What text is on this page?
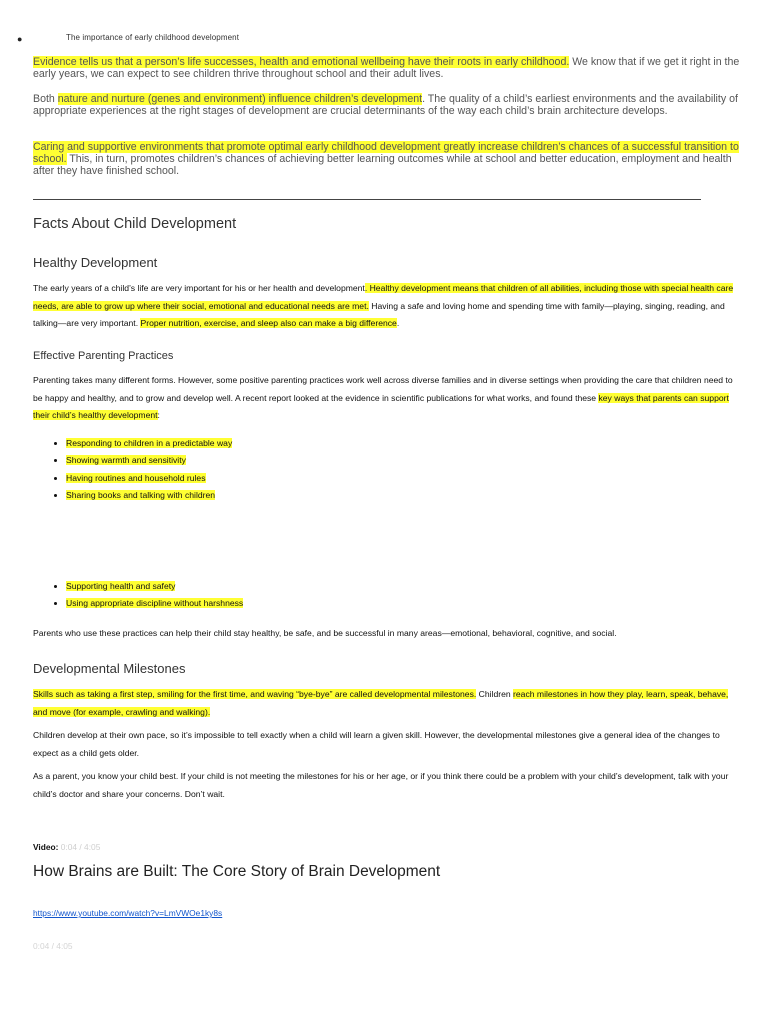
●	The importance of early childhood development
Evidence tells us that a person’s life successes, health and emotional wellbeing have their roots in early childhood. We know that if we get it right in the early years, we can expect to see children thrive throughout school and their adult lives.
Both nature and nurture (genes and environment) influence children’s development. The quality of a child’s earliest environments and the availability of appropriate experiences at the right stages of development are crucial determinants of the way each child’s brain architecture develops.
Caring and supportive environments that promote optimal early childhood development greatly increase children’s chances of a successful transition to school. This, in turn, promotes children’s chances of achieving better learning outcomes while at school and better education, employment and health after they have finished school.
Facts About Child Development
Healthy Development
The early years of a child’s life are very important for his or her health and development. Healthy development means that children of all abilities, including those with special health care needs, are able to grow up where their social, emotional and educational needs are met. Having a safe and loving home and spending time with family—playing, singing, reading, and talking—are very important. Proper nutrition, exercise, and sleep also can make a big difference.
Effective Parenting Practices
Parenting takes many different forms. However, some positive parenting practices work well across diverse families and in diverse settings when providing the care that children need to be happy and healthy, and to grow and develop well. A recent report looked at the evidence in scientific publications for what works, and found these key ways that parents can support their child’s healthy development:
• Responding to children in a predictable way
• Showing warmth and sensitivity
• Having routines and household rules
• Sharing books and talking with children
• Supporting health and safety
• Using appropriate discipline without harshness
Parents who use these practices can help their child stay healthy, be safe, and be successful in many areas—emotional, behavioral, cognitive, and social.
Developmental Milestones
Skills such as taking a first step, smiling for the first time, and waving “bye-bye” are called developmental milestones. Children reach milestones in how they play, learn, speak, behave, and move (for example, crawling and walking).
Children develop at their own pace, so it’s impossible to tell exactly when a child will learn a given skill. However, the developmental milestones give a general idea of the changes to expect as a child gets older.
As a parent, you know your child best. If your child is not meeting the milestones for his or her age, or if you think there could be a problem with your child’s development, talk with your child’s doctor and share your concerns. Don’t wait.
Video: 0:04 / 4:05
How Brains are Built: The Core Story of Brain Development
https://www.youtube.com/watch?v=LmVWOe1ky8s
0:04 / 4:05
